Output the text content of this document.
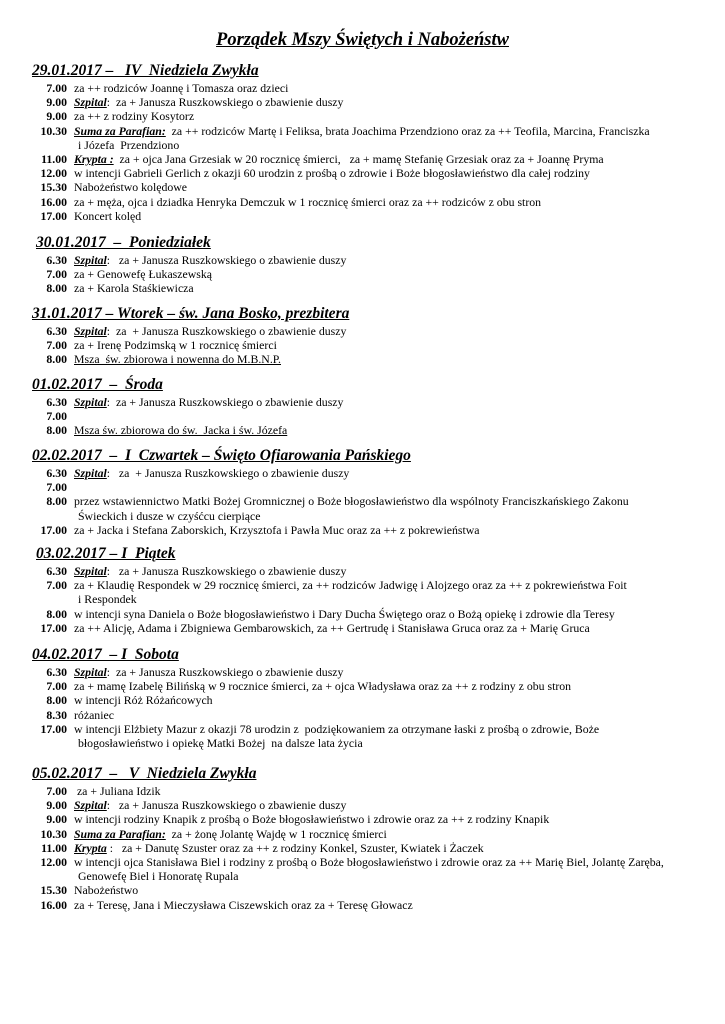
Porządek Mszy Świętych i Nabożeństw
29.01.2017 –   IV  Niedziela Zwykła
7.00 za ++ rodziców Joannę i Tomasza oraz dzieci
9.00 Szpital:  za + Janusza Ruszkowskiego o zbawienie duszy
9.00 za ++ z rodziny Kosytorz
10.30 Suma za Parafian:  za ++ rodziców Martę i Feliksa, brata Joachima Przendziono oraz za ++ Teofila, Marcina, Franciszka
i Józefa  Przendziono
11.00 Krypta :  za + ojca Jana Grzesiak w 20 rocznicę śmierci,   za + mamę Stefanię Grzesiak oraz za + Joannę Pryma
12.00 w intencji Gabrieli Gerlich z okazji 60 urodzin z prośbą o zdrowie i Boże błogosławieństwo dla całej rodziny
15.30 Nabożeństwo kolędowe
16.00 za + męża, ojca i dziadka Henryka Demczuk w 1 rocznicę śmierci oraz za ++ rodziców z obu stron
17.00 Koncert kolęd
30.01.2017  –  Poniedziałek
6.30 Szpital:   za + Janusza Ruszkowskiego o zbawienie duszy
7.00 za + Genowefę Łukaszewską
8.00 za + Karola Staśkiewicza
31.01.2017 – Wtorek – św. Jana Bosko, prezbitera
6.30 Szpital:  za  + Janusza Ruszkowskiego o zbawienie duszy
7.00 za + Irenę Podzimską w 1 rocznicę śmierci
8.00 Msza  św. zbiorowa i nowenna do M.B.N.P.
01.02.2017  –  Środa
6.30 Szpital:  za + Janusza Ruszkowskiego o zbawienie duszy
7.00
8.00 Msza św. zbiorowa do św.  Jacka i św. Józefa
02.02.2017  –  I  Czwartek – Święto Ofiarowania Pańskiego
6.30 Szpital:   za  + Janusza Ruszkowskiego o zbawienie duszy
7.00
8.00 przez wstawiennictwo Matki Bożej Gromnicznej o Boże błogosławieństwo dla wspólnoty Franciszkańskiego Zakonu
Świeckich i dusze w czyśćcu cierpiące
17.00 za + Jacka i Stefana Zaborskich, Krzysztofa i Pawła Muc oraz za ++ z pokrewieństwa
03.02.2017 – I  Piątek
6.30 Szpital:   za + Janusza Ruszkowskiego o zbawienie duszy
7.00 za + Klaudię Respondek w 29 rocznicę śmierci, za ++ rodziców Jadwigę i Alojzego oraz za ++ z pokrewieństwa Foit
i Respondek
8.00 w intencji syna Daniela o Boże błogosławieństwo i Dary Ducha Świętego oraz o Bożą opiekę i zdrowie dla Teresy
17.00 za ++ Alicję, Adama i Zbigniewa Gembarowskich, za ++ Gertrudę i Stanisława Gruca oraz za + Marię Gruca
04.02.2017  – I  Sobota
6.30 Szpital:  za + Janusza Ruszkowskiego o zbawienie duszy
7.00 za + mamę Izabelę Bilińską w 9 rocznice śmierci, za + ojca Władysława oraz za ++ z rodziny z obu stron
8.00 w intencji Róż Różańcowych
8.30 różaniec
17.00 w intencji Elżbiety Mazur z okazji 78 urodzin z  podziękowaniem za otrzymane łaski z prośbą o zdrowie, Boże
błogosławieństwo i opiekę Matki Bożej  na dalsze lata życia
05.02.2017  –   V  Niedziela Zwykła
7.00 za + Juliana Idzik
9.00 Szpital:   za + Janusza Ruszkowskiego o zbawienie duszy
9.00 w intencji rodziny Knapik z prośbą o Boże błogosławieństwo i zdrowie oraz za ++ z rodziny Knapik
10.30 Suma za Parafian:  za + żonę Jolantę Wajdę w 1 rocznicę śmierci
11.00 Krypta :   za + Danutę Szuster oraz za ++ z rodziny Konkel, Szuster, Kwiatek i Żaczek
12.00 w intencji ojca Stanisława Biel i rodziny z prośbą o Boże błogosławieństwo i zdrowie oraz za ++ Marię Biel, Jolantę Zaręba,
Genowefę Biel i Honoratę Rupala
15.30 Nabożeństwo
16.00 za + Teresę, Jana i Mieczysława Ciszewskich oraz za + Teresę Głowacz
